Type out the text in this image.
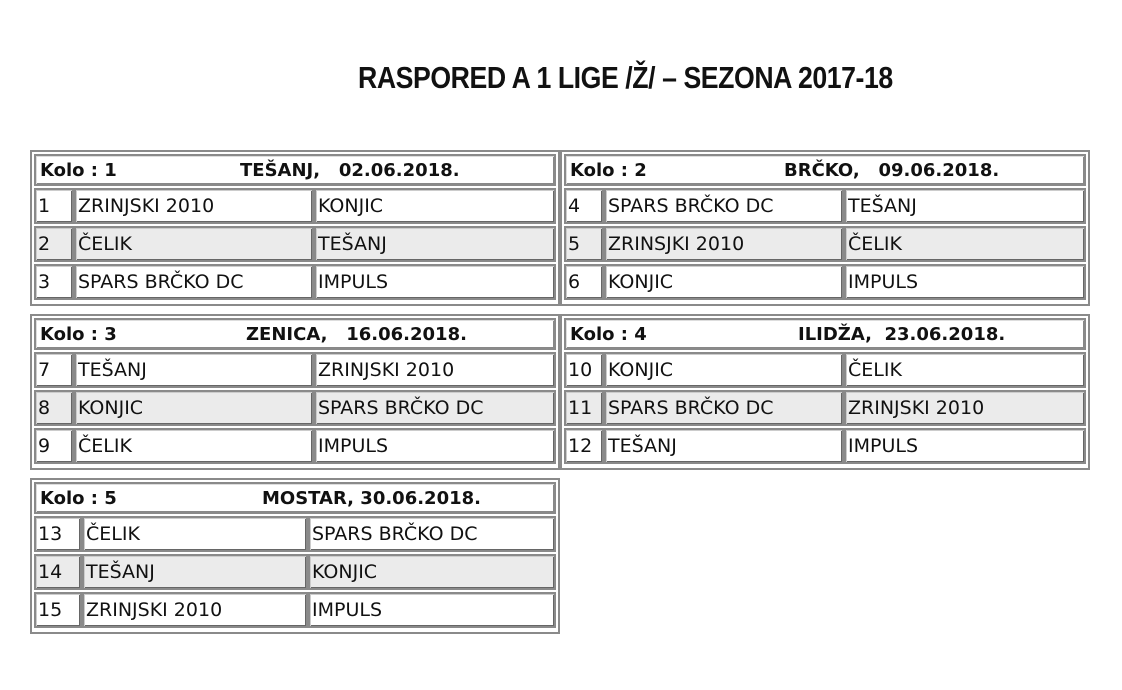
RASPORED A 1 LIGE /Ž/ – SEZONA 2017-18
Kolo : 1	TEŠANJ,   02.06.2018.
1	ZRINJSKI 2010	KONJIC
2	ČELIK	TEŠANJ
3	SPARS BRČKO DC	IMPULS
Kolo : 2	BRČKO,   09.06.2018.
4	SPARS BRČKO DC	TEŠANJ
5	ZRINSJKI 2010	ČELIK
6	KONJIC	IMPULS
Kolo : 3	ZENICA,   16.06.2018.
7	TEŠANJ	ZRINJSKI 2010
8	KONJIC	SPARS BRČKO DC
9	ČELIK	IMPULS
Kolo : 4	ILIDŽA,  23.06.2018.
10 KONJIC	ČELIK
11 SPARS BRČKO DC	ZRINJSKI 2010
12 TEŠANJ	IMPULS
Kolo : 5	MOSTAR, 30.06.2018.
13	ČELIK	SPARS BRČKO DC
14	TEŠANJ	KONJIC
15	ZRINJSKI 2010	IMPULS
